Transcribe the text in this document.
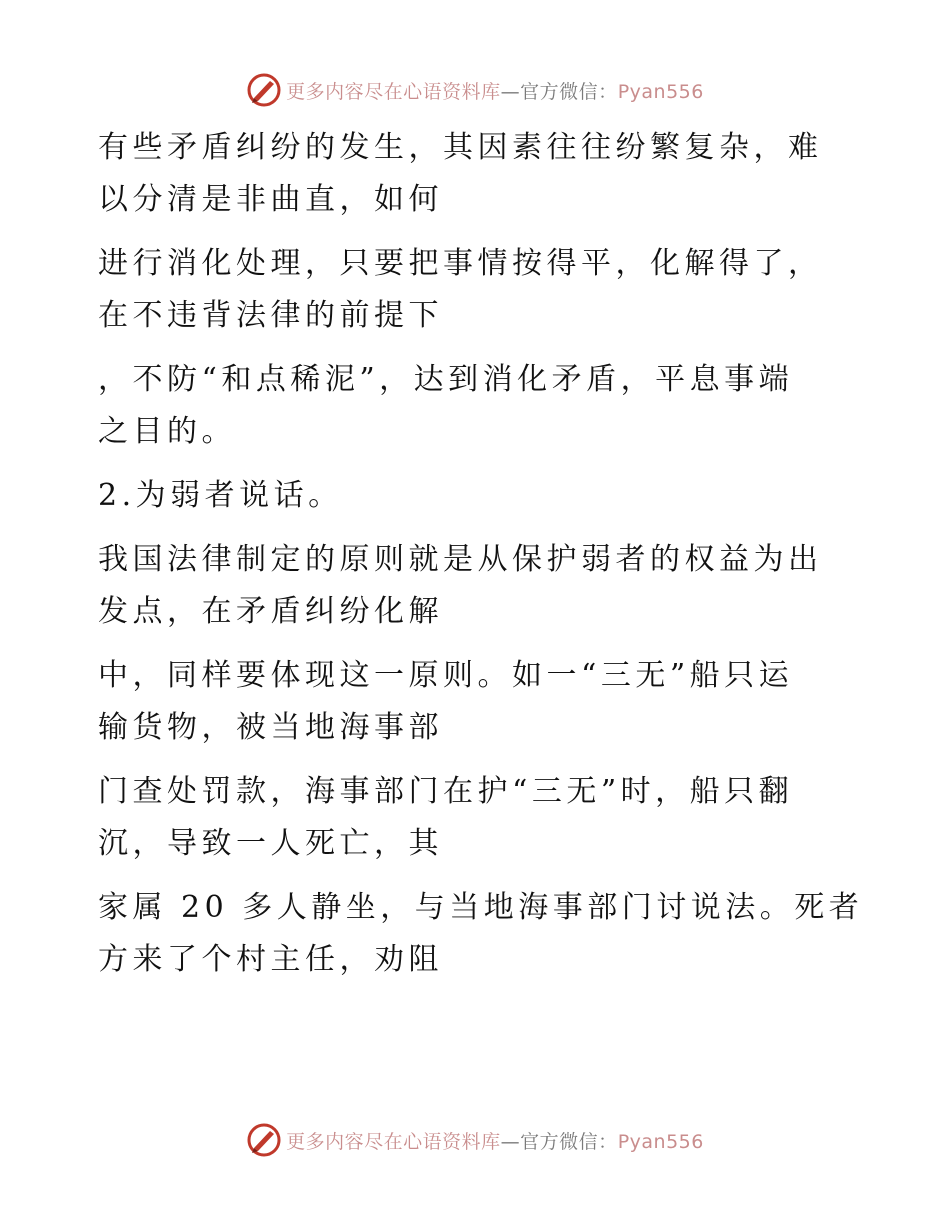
更多内容尽在心语资料库—官方微信：Pyan556

有些矛盾纠纷的发生，其因素往往纷繁复杂，难
以分清是非曲直，如何

进行消化处理，只要把事情按得平，化解得了，
在不违背法律的前提下

，不防“和点稀泥”，达到消化矛盾，平息事端
之目的。

2.为弱者说话。

我国法律制定的原则就是从保护弱者的权益为出
发点，在矛盾纠纷化解

中，同样要体现这一原则。如一“三无”船只运
输货物，被当地海事部

门查处罚款，海事部门在护“三无”时，船只翻
沉，导致一人死亡，其

家属 20 多人静坐，与当地海事部门讨说法。死者
方来了个村主任，劝阻

更多内容尽在心语资料库—官方微信：Pyan556
